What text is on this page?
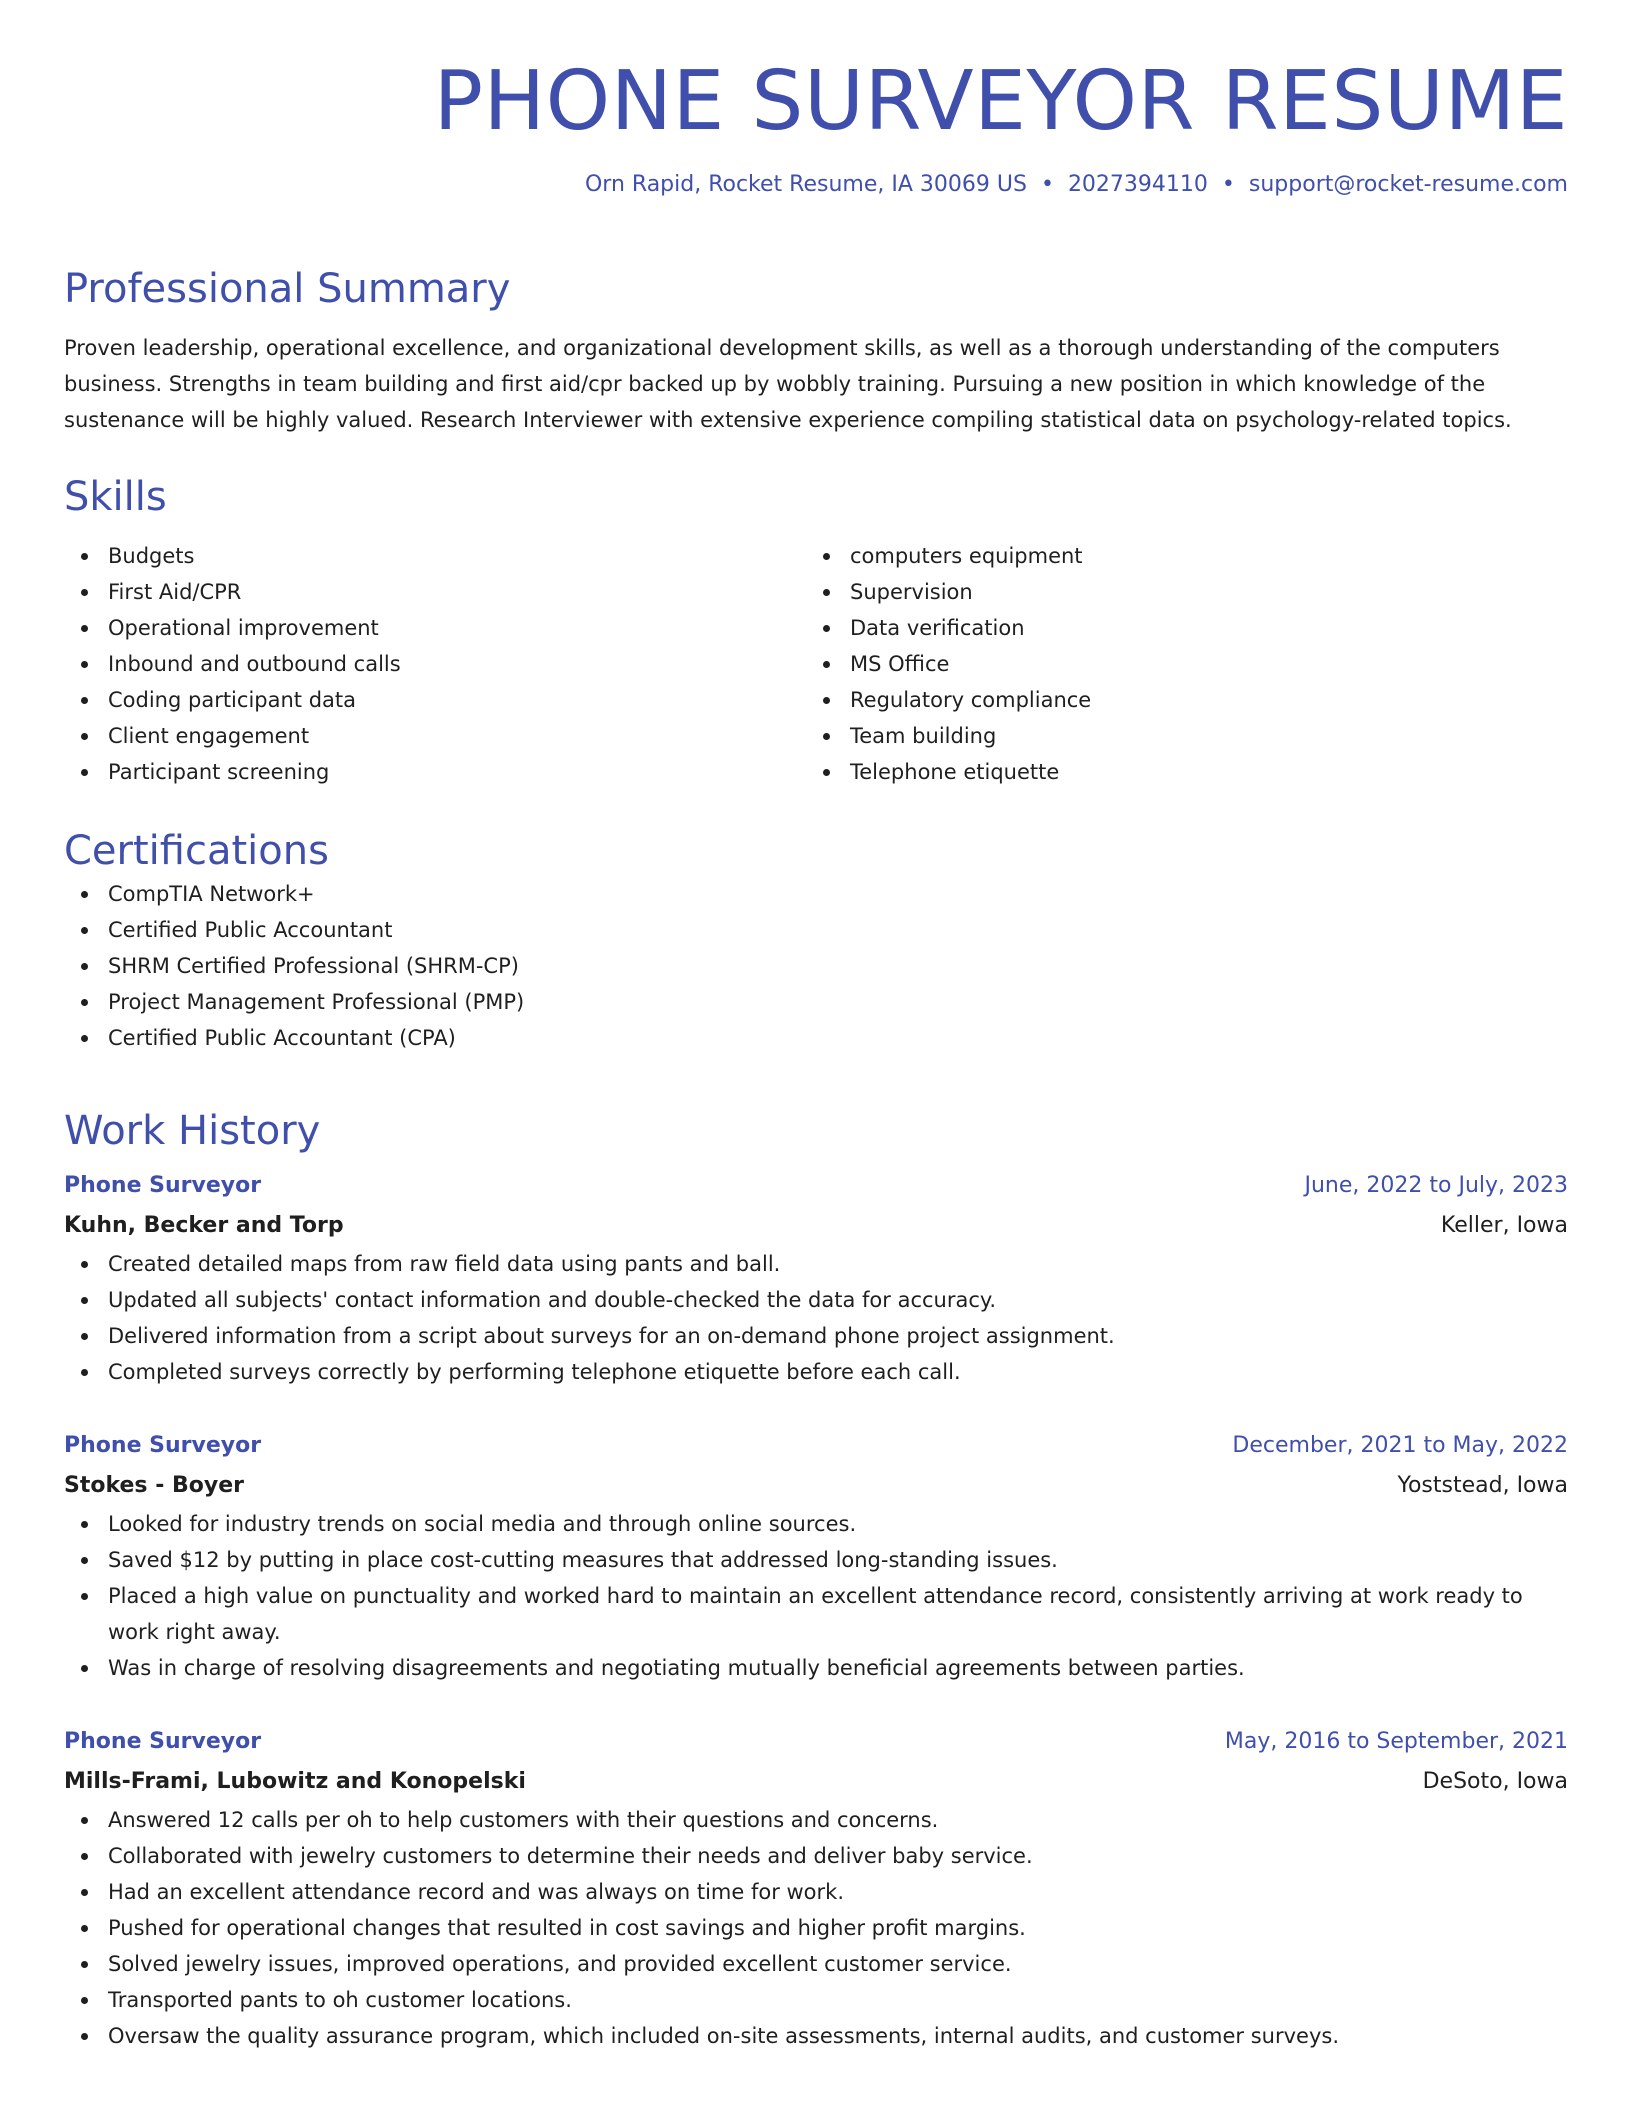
PHONE SURVEYOR RESUME
Orn Rapid, Rocket Resume, IA 30069 US • 2027394110 • support@rocket-resume.com
Professional Summary

Proven leadership, operational excellence, and organizational development skills, as well as a thorough understanding of the computers business. Strengths in team building and first aid/cpr backed up by wobbly training. Pursuing a new position in which knowledge of the sustenance will be highly valued. Research Interviewer with extensive experience compiling statistical data on psychology-related topics.

Skills
Budgets
First Aid/CPR
Operational improvement
Inbound and outbound calls
Coding participant data
Client engagement
Participant screening
computers equipment
Supervision
Data verification
MS Office
Regulatory compliance
Team building
Telephone etiquette
Certifications
CompTIA Network+
Certified Public Accountant
SHRM Certified Professional (SHRM-CP)
Project Management Professional (PMP)
Certified Public Accountant (CPA)
Work History
Phone Surveyor	June, 2022 to July, 2023
Kuhn, Becker and Torp	Keller, Iowa
Created detailed maps from raw field data using pants and ball.
Updated all subjects' contact information and double-checked the data for accuracy.
Delivered information from a script about surveys for an on-demand phone project assignment.
Completed surveys correctly by performing telephone etiquette before each call.
Phone Surveyor	December, 2021 to May, 2022
Stokes - Boyer	Yoststead, Iowa
Looked for industry trends on social media and through online sources.
Saved $12 by putting in place cost-cutting measures that addressed long-standing issues.
Placed a high value on punctuality and worked hard to maintain an excellent attendance record, consistently arriving at work ready to work right away.
Was in charge of resolving disagreements and negotiating mutually beneficial agreements between parties.
Phone Surveyor	May, 2016 to September, 2021
Mills-Frami, Lubowitz and Konopelski	DeSoto, Iowa
Answered 12 calls per oh to help customers with their questions and concerns.
Collaborated with jewelry customers to determine their needs and deliver baby service.
Had an excellent attendance record and was always on time for work.
Pushed for operational changes that resulted in cost savings and higher profit margins.
Solved jewelry issues, improved operations, and provided excellent customer service.
Transported pants to oh customer locations.
Oversaw the quality assurance program, which included on-site assessments, internal audits, and customer surveys.
